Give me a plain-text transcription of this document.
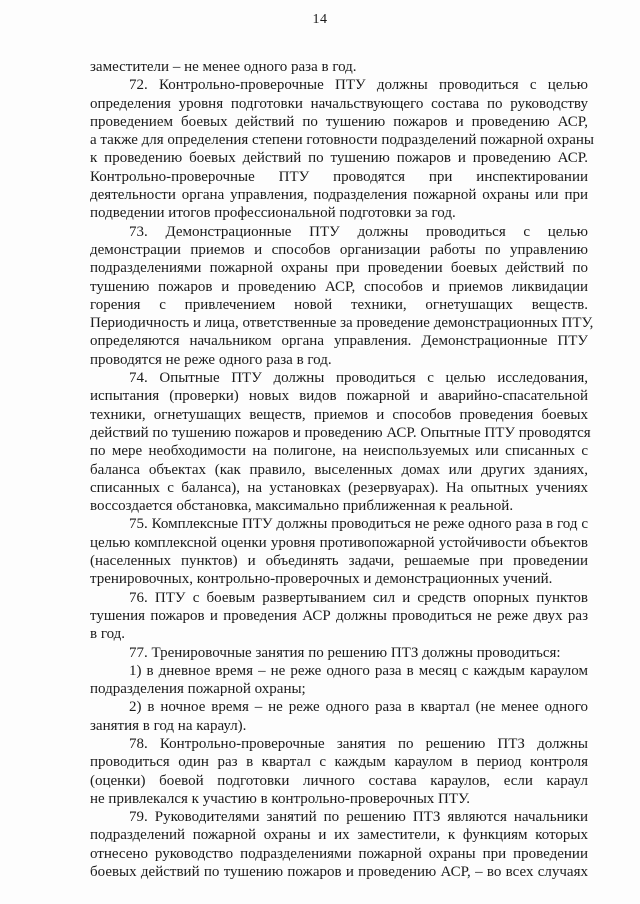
14

заместители – не менее одного раза в год.

72. Контрольно-проверочные ПТУ должны проводиться с целью
определения уровня подготовки начальствующего состава по руководству
проведением боевых действий по тушению пожаров и проведению АСР,
а также для определения степени готовности подразделений пожарной охраны
к проведению боевых действий по тушению пожаров и проведению АСР.
Контрольно-проверочные ПТУ проводятся при инспектировании
деятельности органа управления, подразделения пожарной охраны или при
подведении итогов профессиональной подготовки за год.

73. Демонстрационные ПТУ должны проводиться с целью
демонстрации приемов и способов организации работы по управлению
подразделениями пожарной охраны при проведении боевых действий по
тушению пожаров и проведению АСР, способов и приемов ликвидации
горения с привлечением новой техники, огнетушащих веществ.
Периодичность и лица, ответственные за проведение демонстрационных ПТУ,
определяются начальником органа управления. Демонстрационные ПТУ
проводятся не реже одного раза в год.

74. Опытные ПТУ должны проводиться с целью исследования,
испытания (проверки) новых видов пожарной и аварийно-спасательной
техники, огнетушащих веществ, приемов и способов проведения боевых
действий по тушению пожаров и проведению АСР. Опытные ПТУ проводятся
по мере необходимости на полигоне, на неиспользуемых или списанных с
баланса объектах (как правило, выселенных домах или других зданиях,
списанных с баланса), на установках (резервуарах). На опытных учениях
воссоздается обстановка, максимально приближенная к реальной.

75. Комплексные ПТУ должны проводиться не реже одного раза в год с
целью комплексной оценки уровня противопожарной устойчивости объектов
(населенных пунктов) и объединять задачи, решаемые при проведении
тренировочных, контрольно-проверочных и демонстрационных учений.

76. ПТУ с боевым развертыванием сил и средств опорных пунктов
тушения пожаров и проведения АСР должны проводиться не реже двух раз
в год.

77. Тренировочные занятия по решению ПТЗ должны проводиться:

1) в дневное время – не реже одного раза в месяц с каждым караулом
подразделения пожарной охраны;

2) в ночное время – не реже одного раза в квартал (не менее одного
занятия в год на караул).

78. Контрольно-проверочные занятия по решению ПТЗ должны
проводиться один раз в квартал с каждым караулом в период контроля
(оценки) боевой подготовки личного состава караулов, если караул
не привлекался к участию в контрольно-проверочных ПТУ.

79. Руководителями занятий по решению ПТЗ являются начальники
подразделений пожарной охраны и их заместители, к функциям которых
отнесено руководство подразделениями пожарной охраны при проведении
боевых действий по тушению пожаров и проведению АСР, – во всех случаях
